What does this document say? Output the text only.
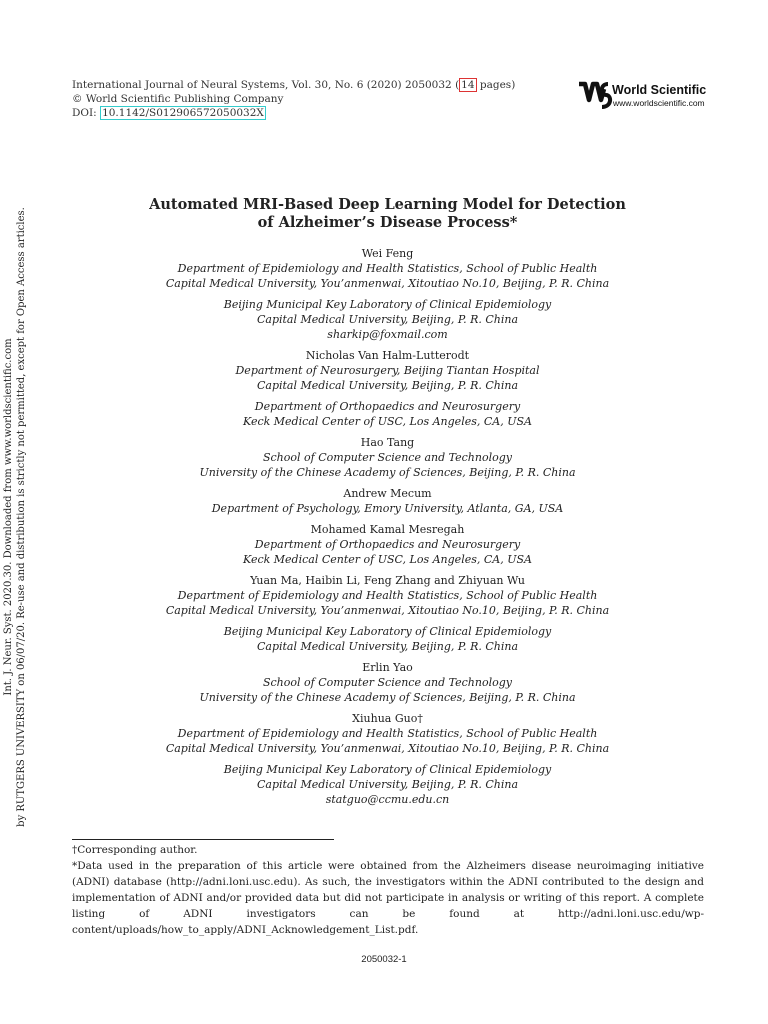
International Journal of Neural Systems, Vol. 30, No. 6 (2020) 2050032 ( 14 pages)
© World Scientific Publishing Company
DOI: 10.1142/S012906572050032X
World Scientific
www.worldscientific.com
Int. J. Neur. Syst. 2020.30. Downloaded from www.worldscientific.com by RUTGERS UNIVERSITY on 06/07/20. Re-use and distribution is strictly not permitted, except for Open Access articles.
Automated MRI-Based Deep Learning Model for Detection
of Alzheimer’s Disease Process*
Wei Feng
Department of Epidemiology and Health Statistics, School of Public Health
Capital Medical University, You’anmenwai, Xitoutiao No.10, Beijing, P. R. China
Beijing Municipal Key Laboratory of Clinical Epidemiology
Capital Medical University, Beijing, P. R. China
sharkip@foxmail.com
Nicholas Van Halm-Lutterodt
Department of Neurosurgery, Beijing Tiantan Hospital
Capital Medical University, Beijing, P. R. China
Department of Orthopaedics and Neurosurgery
Keck Medical Center of USC, Los Angeles, CA, USA
Hao Tang
School of Computer Science and Technology
University of the Chinese Academy of Sciences, Beijing, P. R. China
Andrew Mecum
Department of Psychology, Emory University, Atlanta, GA, USA
Mohamed Kamal Mesregah
Department of Orthopaedics and Neurosurgery
Keck Medical Center of USC, Los Angeles, CA, USA
Yuan Ma, Haibin Li, Feng Zhang and Zhiyuan Wu
Department of Epidemiology and Health Statistics, School of Public Health
Capital Medical University, You’anmenwai, Xitoutiao No.10, Beijing, P. R. China
Beijing Municipal Key Laboratory of Clinical Epidemiology
Capital Medical University, Beijing, P. R. China
Erlin Yao
School of Computer Science and Technology
University of the Chinese Academy of Sciences, Beijing, P. R. China
Xiuhua Guo†
Department of Epidemiology and Health Statistics, School of Public Health
Capital Medical University, You’anmenwai, Xitoutiao No.10, Beijing, P. R. China
Beijing Municipal Key Laboratory of Clinical Epidemiology
Capital Medical University, Beijing, P. R. China
statguo@ccmu.edu.cn

†Corresponding author.

*Data used in the preparation of this article were obtained from the Alzheimers disease neuroimaging initiative (ADNI) database (http://adni.loni.usc.edu). As such, the investigators within the ADNI contributed to the design and implementation of ADNI and/or provided data but did not participate in analysis or writing of this report. A complete listing of ADNI investigators can be found at http://adni.loni.usc.edu/wp-content/uploads/how_to_apply/ADNI_Acknowledgement_List.pdf.

2050032-1
